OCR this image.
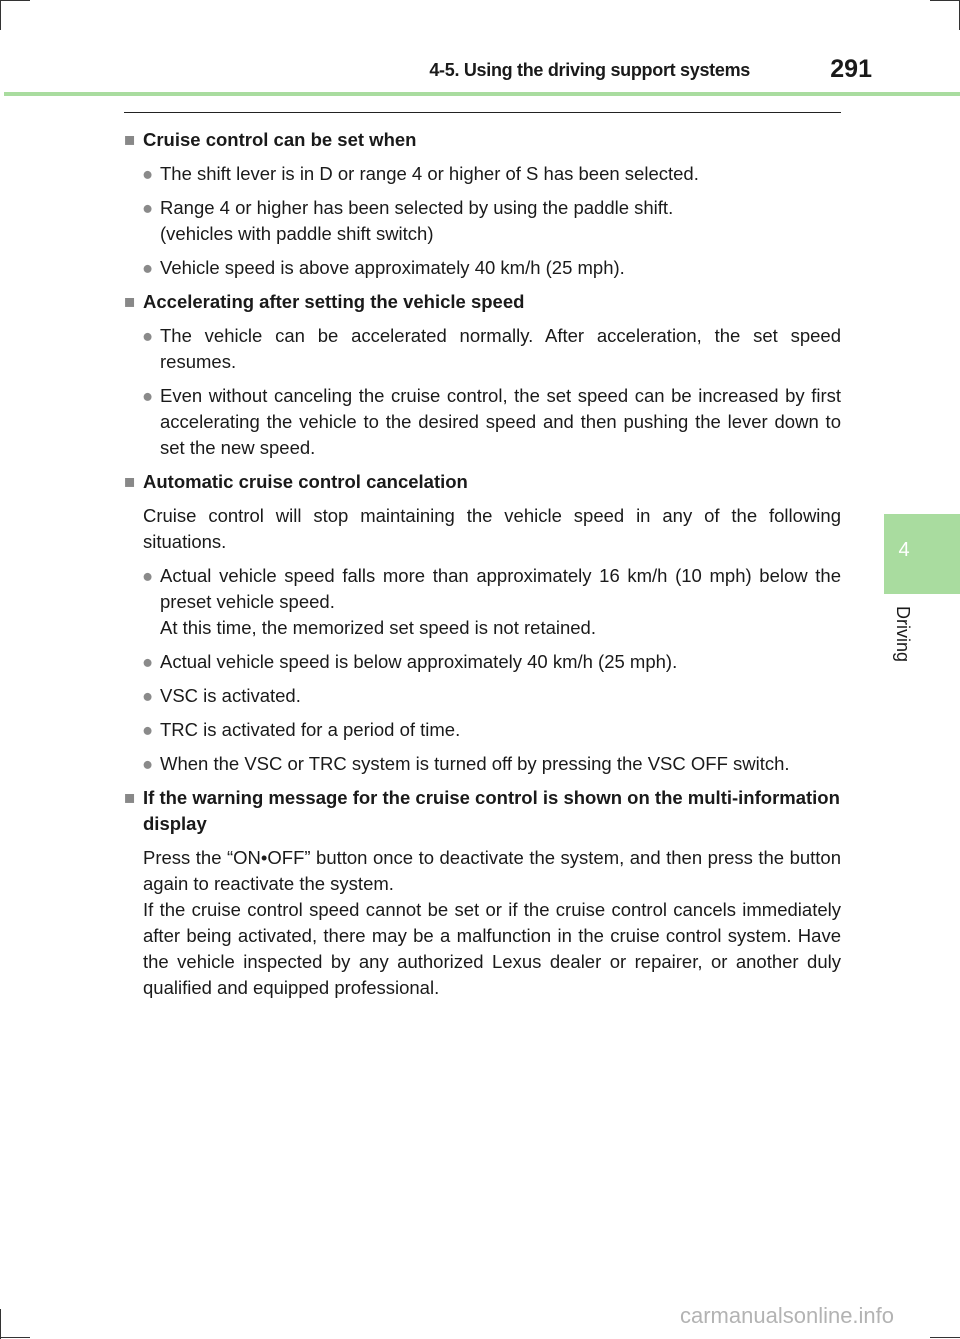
4-5. Using the driving support systems	291
4
Driving
■ Cruise control can be set when
● The shift lever is in D or range 4 or higher of S has been selected.
● Range 4 or higher has been selected by using the paddle shift.
(vehicles with paddle shift switch)
● Vehicle speed is above approximately 40 km/h (25 mph).
■ Accelerating after setting the vehicle speed
● The vehicle can be accelerated normally. After acceleration, the set speed resumes.
● Even without canceling the cruise control, the set speed can be increased by first accelerating the vehicle to the desired speed and then pushing the lever down to set the new speed.
■ Automatic cruise control cancelation
Cruise control will stop maintaining the vehicle speed in any of the following situations.
● Actual vehicle speed falls more than approximately 16 km/h (10 mph) below the preset vehicle speed.
At this time, the memorized set speed is not retained.
● Actual vehicle speed is below approximately 40 km/h (25 mph).
● VSC is activated.
● TRC is activated for a period of time.
● When the VSC or TRC system is turned off by pressing the VSC OFF switch.
■ If the warning message for the cruise control is shown on the multi-information display
Press the “ON•OFF” button once to deactivate the system, and then press the button again to reactivate the system.
If the cruise control speed cannot be set or if the cruise control cancels immediately after being activated, there may be a malfunction in the cruise control system. Have the vehicle inspected by any authorized Lexus dealer or repairer, or another duly qualified and equipped professional.
carmanualsonline.info
